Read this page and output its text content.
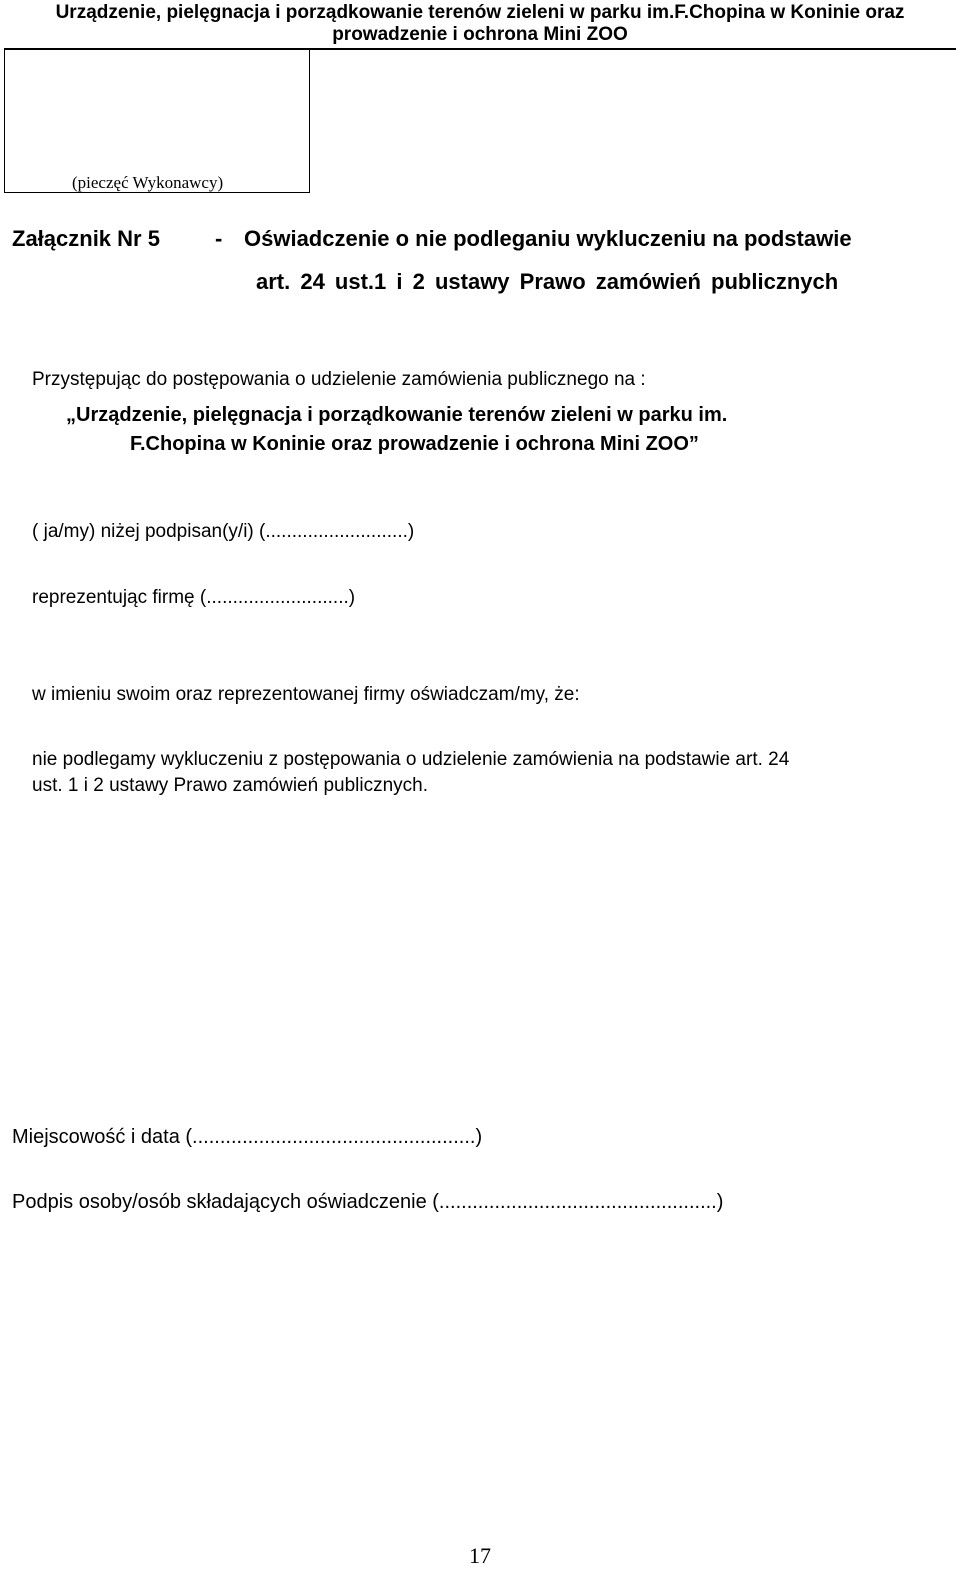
Urządzenie, pielęgnacja i porządkowanie terenów zieleni w parku im.F.Chopina w Koninie oraz
prowadzenie i ochrona Mini ZOO
(pieczęć Wykonawcy)
Załącznik Nr 5	- Oświadczenie o nie podleganiu wykluczeniu na podstawie
art. 24 ust.1 i 2 ustawy Prawo zamówień publicznych
Przystępując do postępowania o udzielenie zamówienia publicznego na :
„Urządzenie, pielęgnacja i porządkowanie terenów zieleni w parku im.
F.Chopina w Koninie oraz prowadzenie i ochrona Mini ZOO”
( ja/my) niżej podpisan(y/i) (...........................)
reprezentując firmę (...........................)
w imieniu swoim oraz reprezentowanej firmy oświadczam/my, że:
nie podlegamy wykluczeniu z postępowania o udzielenie zamówienia na podstawie art. 24
ust. 1 i 2 ustawy Prawo zamówień publicznych.
Miejscowość i data (...................................................)
Podpis osoby/osób składających oświadczenie (..................................................)
17
